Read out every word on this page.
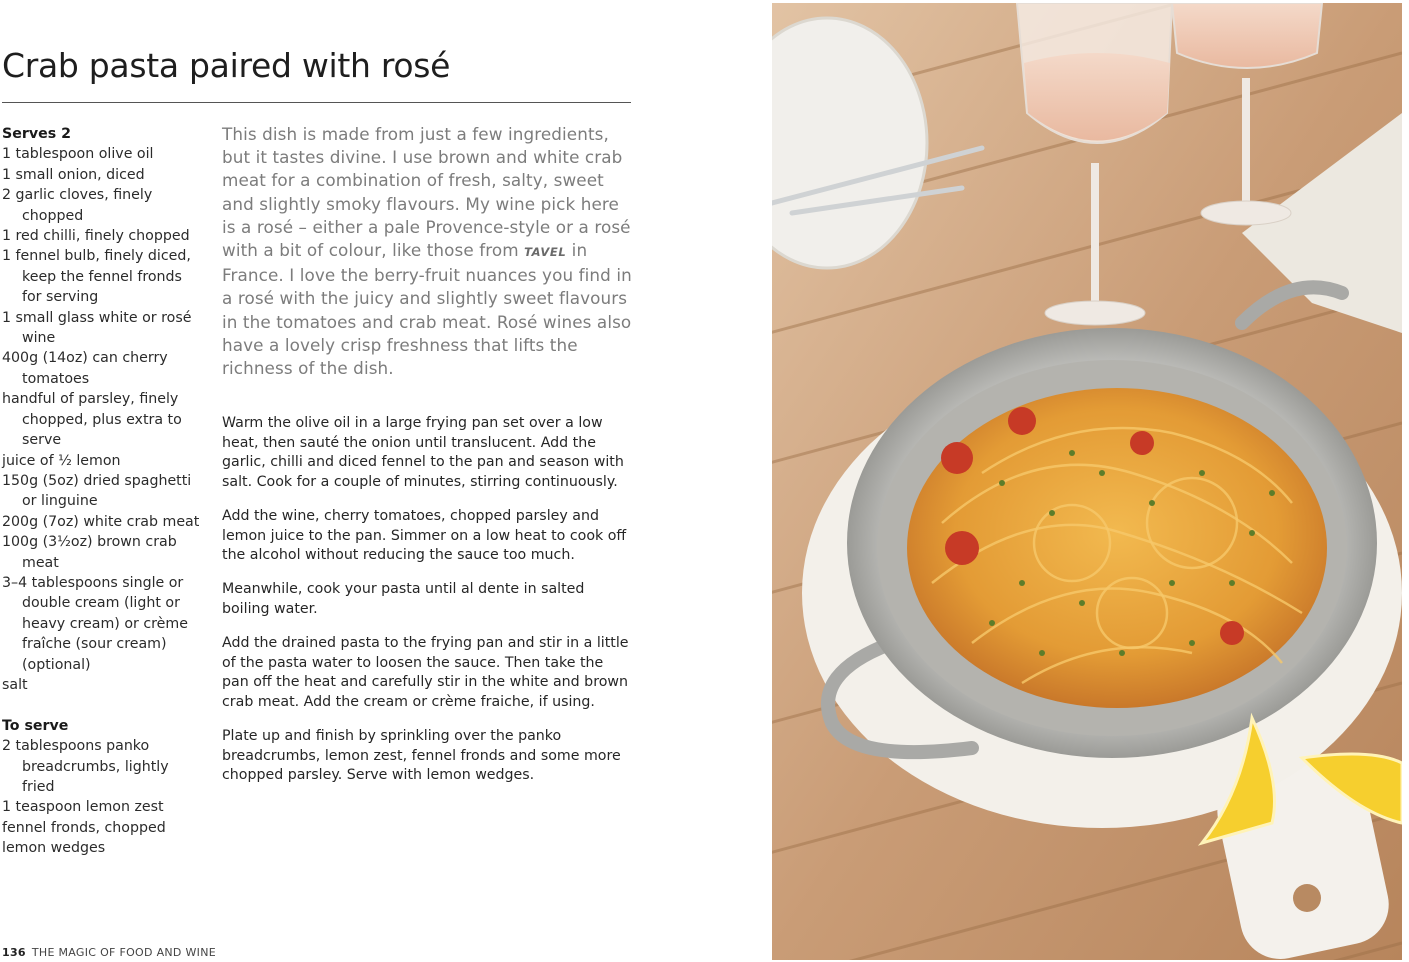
Crab pasta paired with rosé
Serves 2
1 tablespoon olive oil
1 small onion, diced
2 garlic cloves, finely chopped
1 red chilli, finely chopped
1 fennel bulb, finely diced, keep the fennel fronds for serving
1 small glass white or rosé wine
400g (14oz) can cherry tomatoes
handful of parsley, finely chopped, plus extra to serve
juice of ½ lemon
150g (5oz) dried spaghetti or linguine
200g (7oz) white crab meat
100g (3½oz) brown crab meat
3–4 tablespoons single or double cream (light or heavy cream) or crème fraîche (sour cream) (optional)
salt
To serve
2 tablespoons panko breadcrumbs, lightly fried
1 teaspoon lemon zest
fennel fronds, chopped
lemon wedges

This dish is made from just a few ingredients, but it tastes divine. I use brown and white crab meat for a combination of fresh, salty, sweet and slightly smoky flavours. My wine pick here is a rosé – either a pale Provence-style or a rosé with a bit of colour, like those from TAVEL in France. I love the berry-fruit nuances you find in a rosé with the juicy and slightly sweet flavours in the tomatoes and crab meat. Rosé wines also have a lovely crisp freshness that lifts the richness of the dish.

Warm the olive oil in a large frying pan set over a low heat, then sauté the onion until translucent. Add the garlic, chilli and diced fennel to the pan and season with salt. Cook for a couple of minutes, stirring continuously.

Add the wine, cherry tomatoes, chopped parsley and lemon juice to the pan. Simmer on a low heat to cook off the alcohol without reducing the sauce too much.

Meanwhile, cook your pasta until al dente in salted boiling water.

Add the drained pasta to the frying pan and stir in a little of the pasta water to loosen the sauce. Then take the pan off the heat and carefully stir in the white and brown crab meat. Add the cream or crème fraiche, if using.

Plate up and finish by sprinkling over the panko breadcrumbs, lemon zest, fennel fronds and some more chopped parsley. Serve with lemon wedges.

136 THE MAGIC OF FOOD AND WINE
